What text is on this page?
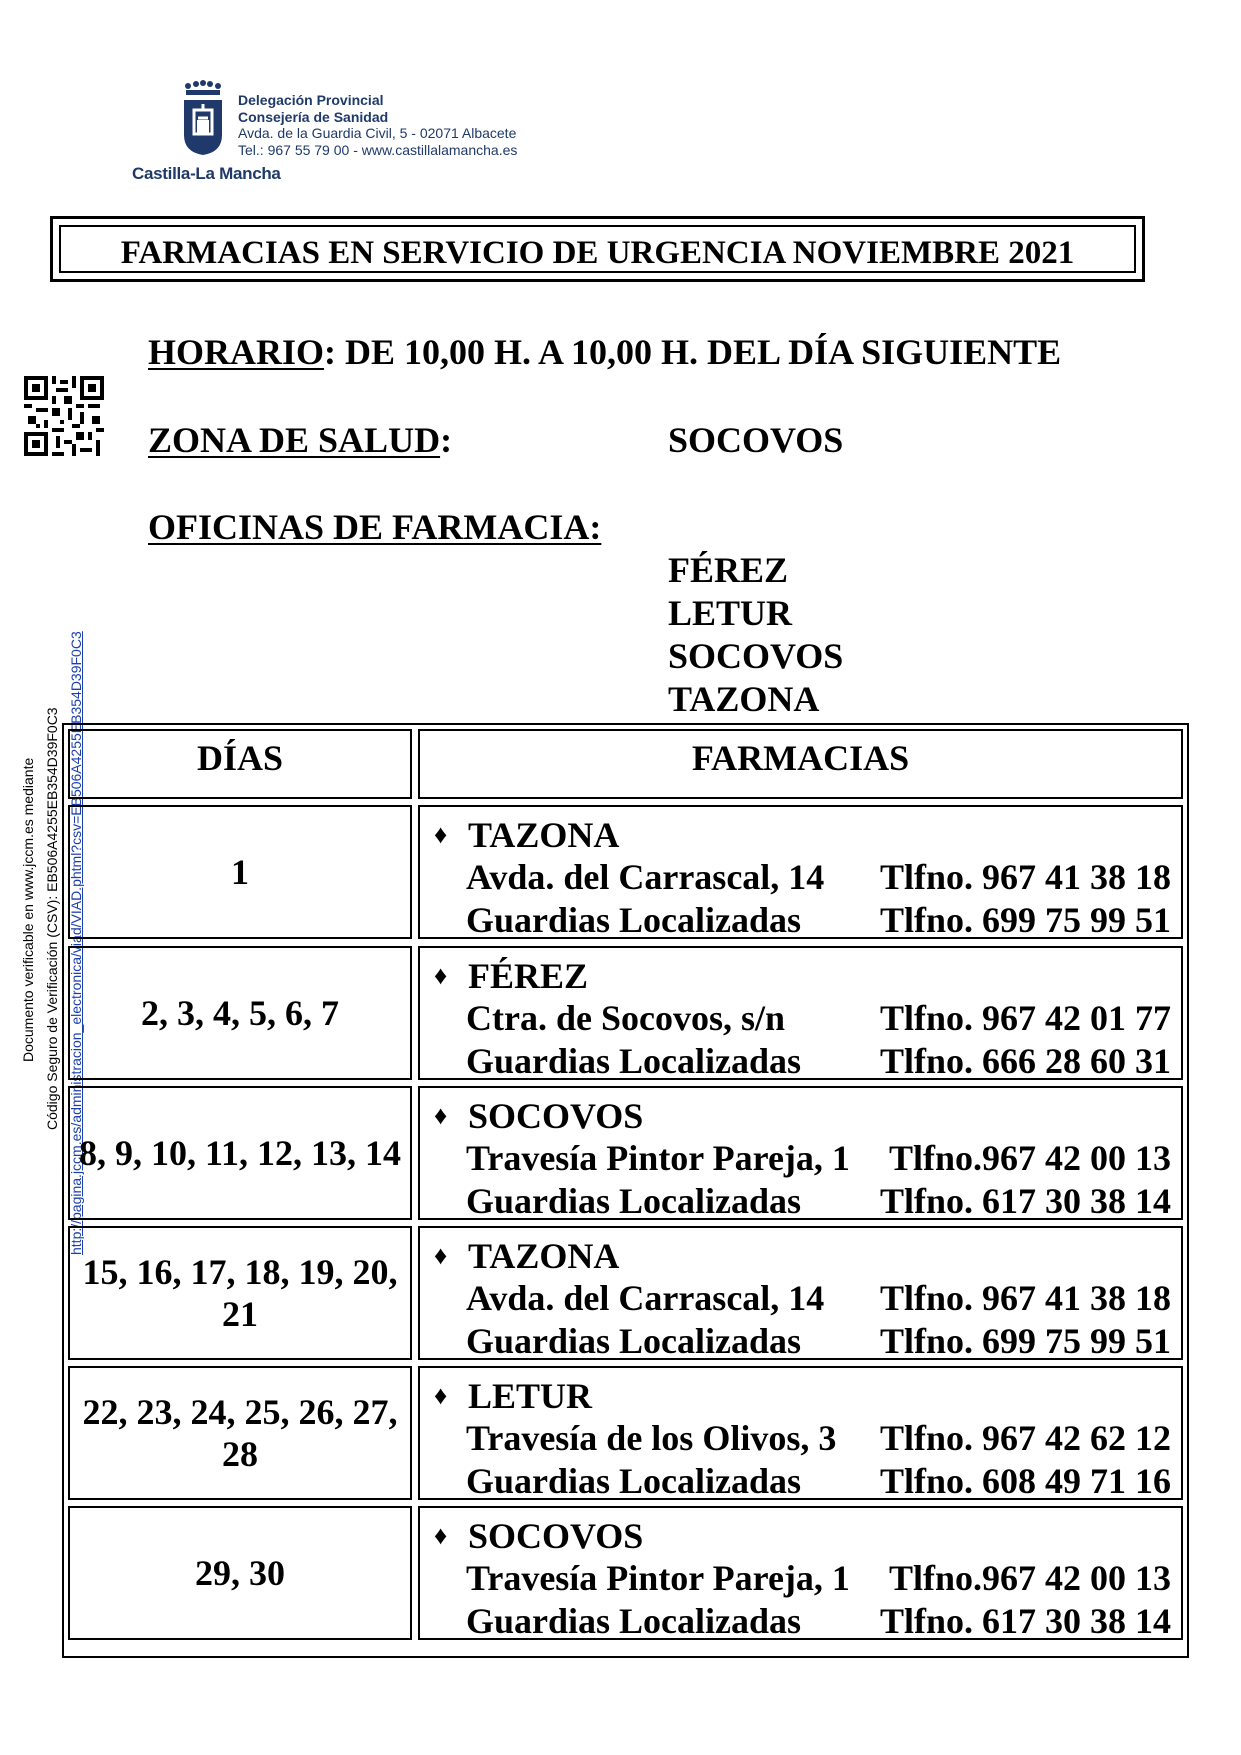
Castilla-La Mancha
Delegación Provincial
Consejería de Sanidad
Avda. de la Guardia Civil, 5 - 02071 Albacete
Tel.: 967 55 79 00 - www.castillalamancha.es
FARMACIAS EN SERVICIO DE URGENCIA NOVIEMBRE 2021
HORARIO: DE 10,00 H. A 10,00 H. DEL DÍA SIGUIENTE
ZONA DE SALUD:	SOCOVOS
OFICINAS DE FARMACIA:
FÉREZ
LETUR
SOCOVOS
TAZONA
Documento verificable en www.jccm.es mediante Código Seguro de Verificación (CSV): EB506A4255EB354D39F0C3 http://pagina.jccm.es/administracion_electronica/viad/VIAD.phtml?csv=EB506A4255EB354D39F0C3	DÍAS	FARMACIAS
1
♦ TAZONA
Avda. del Carrascal, 14 Tlfno. 967 41 38 18
Guardias Localizadas Tlfno. 699 75 99 51
2, 3, 4, 5, 6, 7
♦ FÉREZ
Ctra. de Socovos, s/n	Tlfno. 967 42 01 77
Guardias Localizadas Tlfno. 666 28 60 31
8, 9, 10, 11, 12, 13, 14
♦ SOCOVOS
Travesía Pintor Pareja, 1 Tlfno.967 42 00 13
Guardias Localizadas Tlfno. 617 30 38 14
15, 16, 17, 18, 19, 20, 21
♦ TAZONA
Avda. del Carrascal, 14 Tlfno. 967 41 38 18
Guardias Localizadas Tlfno. 699 75 99 51
22, 23, 24, 25, 26, 27, 28
♦ LETUR
Travesía de los Olivos, 3 Tlfno. 967 42 62 12
Guardias Localizadas Tlfno. 608 49 71 16
29, 30
♦ SOCOVOS
Travesía Pintor Pareja, 1 Tlfno.967 42 00 13
Guardias Localizadas Tlfno. 617 30 38 14
